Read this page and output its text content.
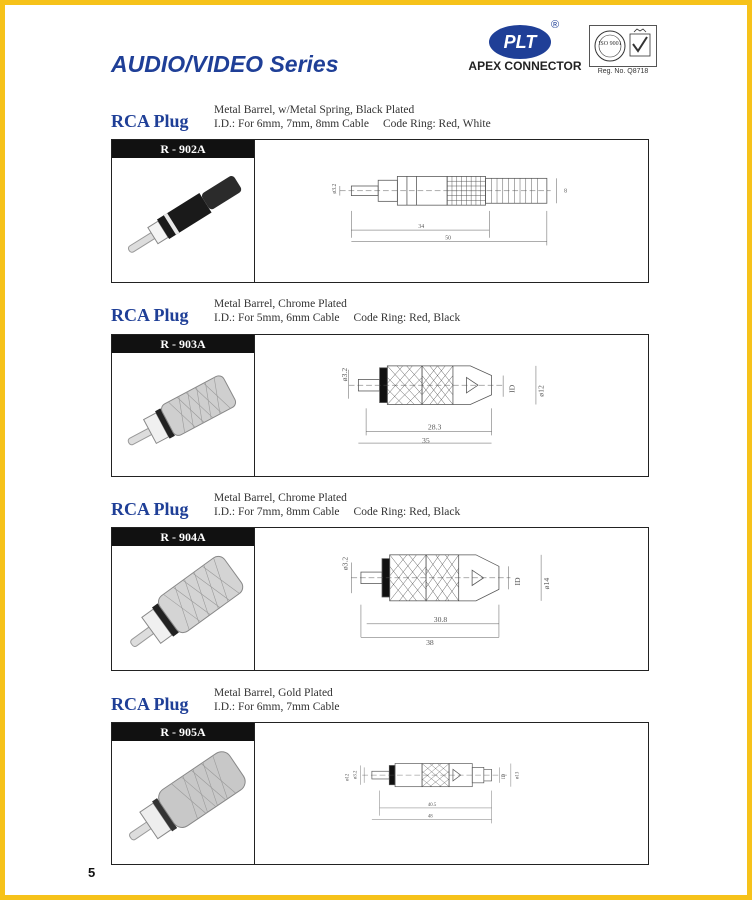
AUDIO/VIDEO Series
PLT
®
APEX CONNECTOR
ISO 9001
Reg. No. Q8718
RCA Plug
Metal Barrel, w/Metal Spring, Black Plated
I.D.: For 6mm, 7mm, 8mm Cable Code Ring: Red, White
R - 902A
ø3.2	8
34
50
RCA Plug
Metal Barrel, Chrome Plated
I.D.: For 5mm, 6mm Cable Code Ring: Red, Black
R - 903A
ø3.2
ID ø12
28.3
35
RCA Plug
Metal Barrel, Chrome Plated
I.D.: For 7mm, 8mm Cable Code Ring: Red, Black
R - 904A
ø3.2
ID ø14
30.8
38
RCA Plug
Metal Barrel, Gold Plated
I.D.: For 6mm, 7mm Cable
R - 905A
ø3.2
ø12	ID ø13
40.5
48
5
